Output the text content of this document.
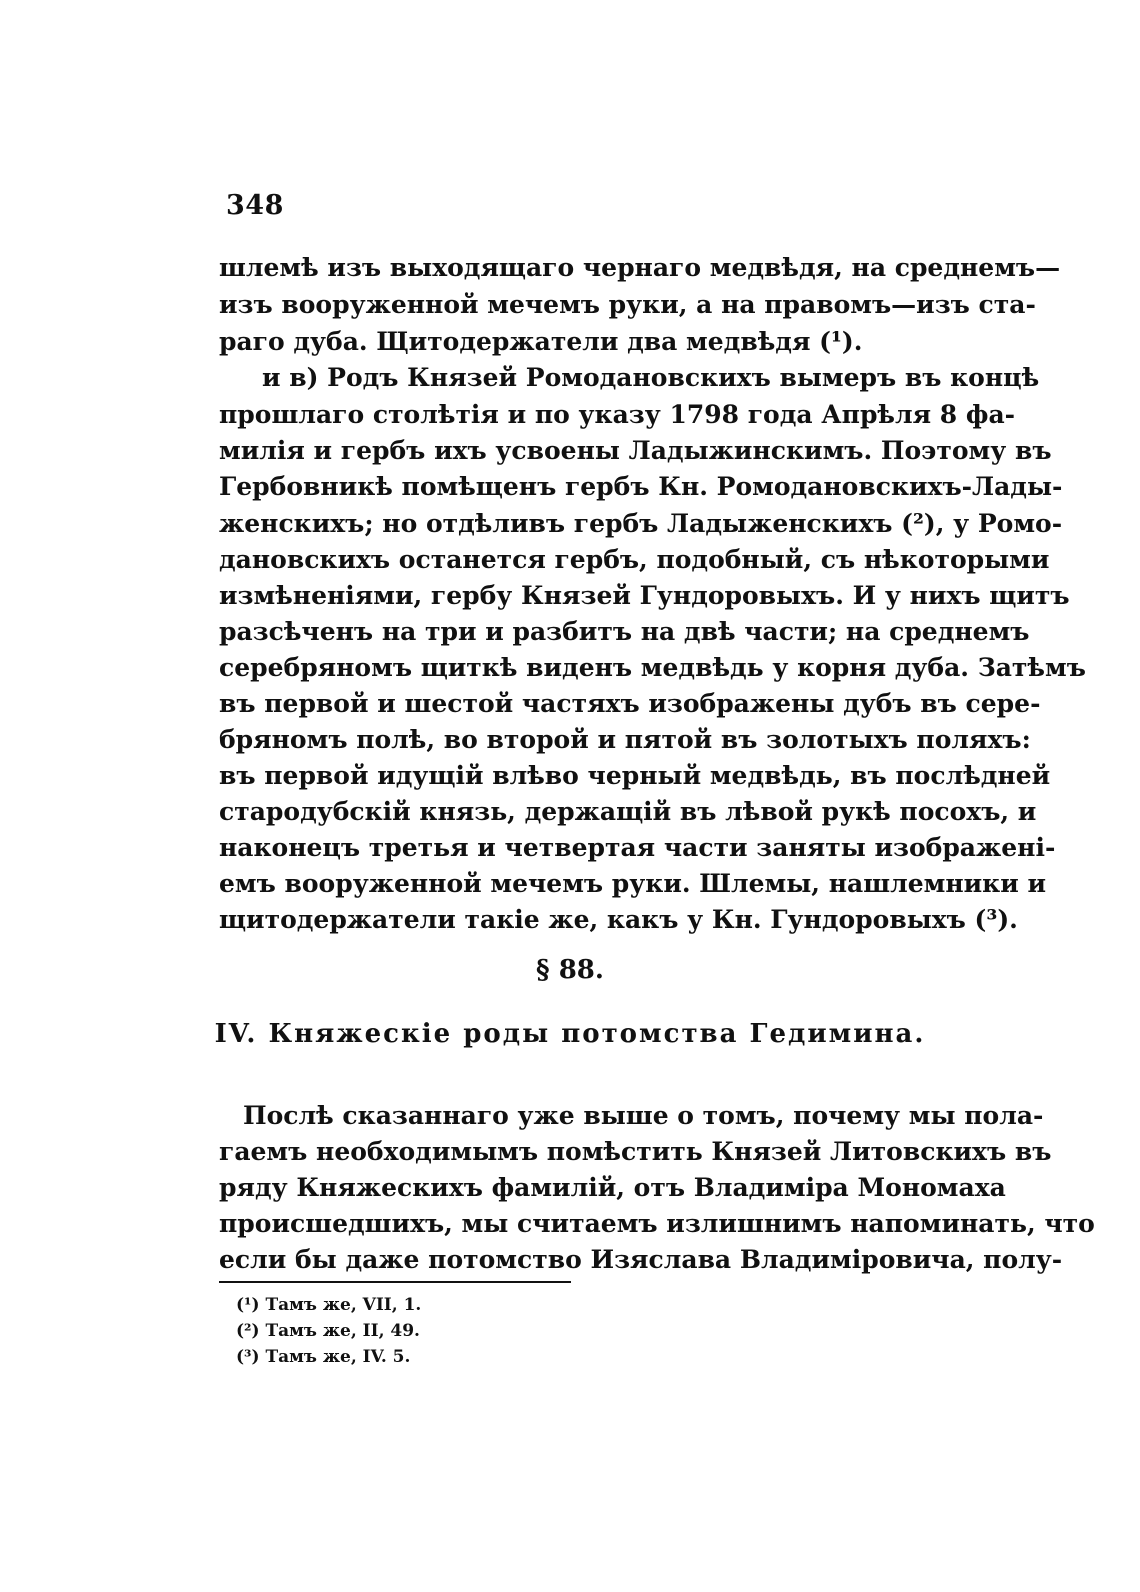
348
шлемѣ изъ выходящаго чернаго медвѣдя, на среднемъ—
изъ вооруженной мечемъ руки, а на правомъ—изъ ста-
раго дуба. Щитодержатели два медвѣдя (¹).
и в) Родъ Князей Ромодановскихъ вымеръ въ концѣ
прошлаго столѣтія и по указу 1798 года Апрѣля 8 фа-
милія и гербъ ихъ усвоены Ладыжинскимъ. Поэтому въ
Гербовникѣ помѣщенъ гербъ Кн. Ромодановскихъ-Лады-
женскихъ; но отдѣливъ гербъ Ладыженскихъ (²), у Ромо-
дановскихъ останется гербъ, подобный, съ нѣкоторыми
измѣненіями, гербу Князей Гундоровыхъ. И у нихъ щитъ
разсѣченъ на три и разбитъ на двѣ части; на среднемъ
серебряномъ щиткѣ виденъ медвѣдь у корня дуба. Затѣмъ
въ первой и шестой частяхъ изображены дубъ въ сере-
бряномъ полѣ, во второй и пятой въ золотыхъ поляхъ:
въ первой идущій влѣво черный медвѣдь, въ послѣдней
стародубскій князь, держащій въ лѣвой рукѣ посохъ, и
наконецъ третья и четвертая части заняты изображені-
емъ вооруженной мечемъ руки. Шлемы, нашлемники и
щитодержатели такіе же, какъ у Кн. Гундоровыхъ (³).
§ 88.
IV. Княжескіе роды потомства Гедимина.
Послѣ сказаннаго уже выше о томъ, почему мы пола-
гаемъ необходимымъ помѣстить Князей Литовскихъ въ
ряду Княжескихъ фамилій, отъ Владиміра Мономаха
происшедшихъ, мы считаемъ излишнимъ напоминать, что
если бы даже потомство Изяслава Владиміровича, полу-
(¹) Тамъ же, VII, 1.
(²) Тамъ же, II, 49.
(³) Тамъ же, IV. 5.
